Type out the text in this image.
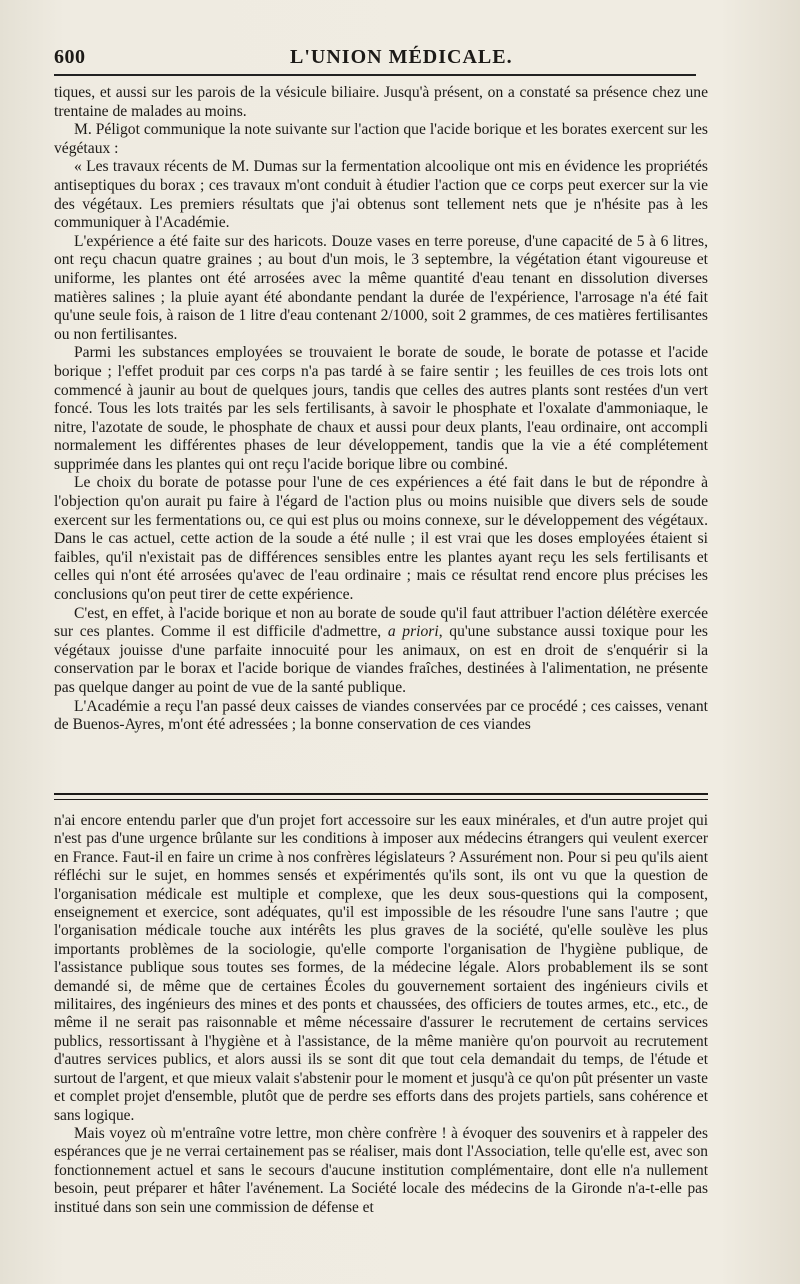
600	L'UNION MÉDICALE.

tiques, et aussi sur les parois de la vésicule biliaire. Jusqu'à présent, on a constaté sa présence chez une trentaine de malades au moins.

M. Péligot communique la note suivante sur l'action que l'acide borique et les borates exercent sur les végétaux :

« Les travaux récents de M. Dumas sur la fermentation alcoolique ont mis en évidence les propriétés antiseptiques du borax ; ces travaux m'ont conduit à étudier l'action que ce corps peut exercer sur la vie des végétaux. Les premiers résultats que j'ai obtenus sont tellement nets que je n'hésite pas à les communiquer à l'Académie.

L'expérience a été faite sur des haricots. Douze vases en terre poreuse, d'une capacité de 5 à 6 litres, ont reçu chacun quatre graines ; au bout d'un mois, le 3 septembre, la végétation étant vigoureuse et uniforme, les plantes ont été arrosées avec la même quantité d'eau tenant en dissolution diverses matières salines ; la pluie ayant été abondante pendant la durée de l'expérience, l'arrosage n'a été fait qu'une seule fois, à raison de 1 litre d'eau contenant 2/1000, soit 2 grammes, de ces matières fertilisantes ou non fertilisantes.

Parmi les substances employées se trouvaient le borate de soude, le borate de potasse et l'acide borique ; l'effet produit par ces corps n'a pas tardé à se faire sentir ; les feuilles de ces trois lots ont commencé à jaunir au bout de quelques jours, tandis que celles des autres plants sont restées d'un vert foncé. Tous les lots traités par les sels fertilisants, à savoir le phosphate et l'oxalate d'ammoniaque, le nitre, l'azotate de soude, le phosphate de chaux et aussi pour deux plants, l'eau ordinaire, ont accompli normalement les différentes phases de leur développement, tandis que la vie a été complétement supprimée dans les plantes qui ont reçu l'acide borique libre ou combiné.

Le choix du borate de potasse pour l'une de ces expériences a été fait dans le but de répondre à l'objection qu'on aurait pu faire à l'égard de l'action plus ou moins nuisible que divers sels de soude exercent sur les fermentations ou, ce qui est plus ou moins connexe, sur le développement des végétaux. Dans le cas actuel, cette action de la soude a été nulle ; il est vrai que les doses employées étaient si faibles, qu'il n'existait pas de différences sensibles entre les plantes ayant reçu les sels fertilisants et celles qui n'ont été arrosées qu'avec de l'eau ordinaire ; mais ce résultat rend encore plus précises les conclusions qu'on peut tirer de cette expérience.

C'est, en effet, à l'acide borique et non au borate de soude qu'il faut attribuer l'action délétère exercée sur ces plantes. Comme il est difficile d'admettre, a priori, qu'une substance aussi toxique pour les végétaux jouisse d'une parfaite innocuité pour les animaux, on est en droit de s'enquérir si la conservation par le borax et l'acide borique de viandes fraîches, destinées à l'alimentation, ne présente pas quelque danger au point de vue de la santé publique.

L'Académie a reçu l'an passé deux caisses de viandes conservées par ce procédé ; ces caisses, venant de Buenos-Ayres, m'ont été adressées ; la bonne conservation de ces viandes

n'ai encore entendu parler que d'un projet fort accessoire sur les eaux minérales, et d'un autre projet qui n'est pas d'une urgence brûlante sur les conditions à imposer aux médecins étrangers qui veulent exercer en France. Faut-il en faire un crime à nos confrères législateurs ? Assurément non. Pour si peu qu'ils aient réfléchi sur le sujet, en hommes sensés et expérimentés qu'ils sont, ils ont vu que la question de l'organisation médicale est multiple et complexe, que les deux sous-questions qui la composent, enseignement et exercice, sont adéquates, qu'il est impossible de les résoudre l'une sans l'autre ; que l'organisation médicale touche aux intérêts les plus graves de la société, qu'elle soulève les plus importants problèmes de la sociologie, qu'elle comporte l'organisation de l'hygiène publique, de l'assistance publique sous toutes ses formes, de la médecine légale. Alors probablement ils se sont demandé si, de même que de certaines Écoles du gouvernement sortaient des ingénieurs civils et militaires, des ingénieurs des mines et des ponts et chaussées, des officiers de toutes armes, etc., etc., de même il ne serait pas raisonnable et même nécessaire d'assurer le recrutement de certains services publics, ressortissant à l'hygiène et à l'assistance, de la même manière qu'on pourvoit au recrutement d'autres services publics, et alors aussi ils se sont dit que tout cela demandait du temps, de l'étude et surtout de l'argent, et que mieux valait s'abstenir pour le moment et jusqu'à ce qu'on pût présenter un vaste et complet projet d'ensemble, plutôt que de perdre ses efforts dans des projets partiels, sans cohérence et sans logique.

Mais voyez où m'entraîne votre lettre, mon chère confrère ! à évoquer des souvenirs et à rappeler des espérances que je ne verrai certainement pas se réaliser, mais dont l'Association, telle qu'elle est, avec son fonctionnement actuel et sans le secours d'aucune institution complémentaire, dont elle n'a nullement besoin, peut préparer et hâter l'avénement. La Société locale des médecins de la Gironde n'a-t-elle pas institué dans son sein une commission de défense et
